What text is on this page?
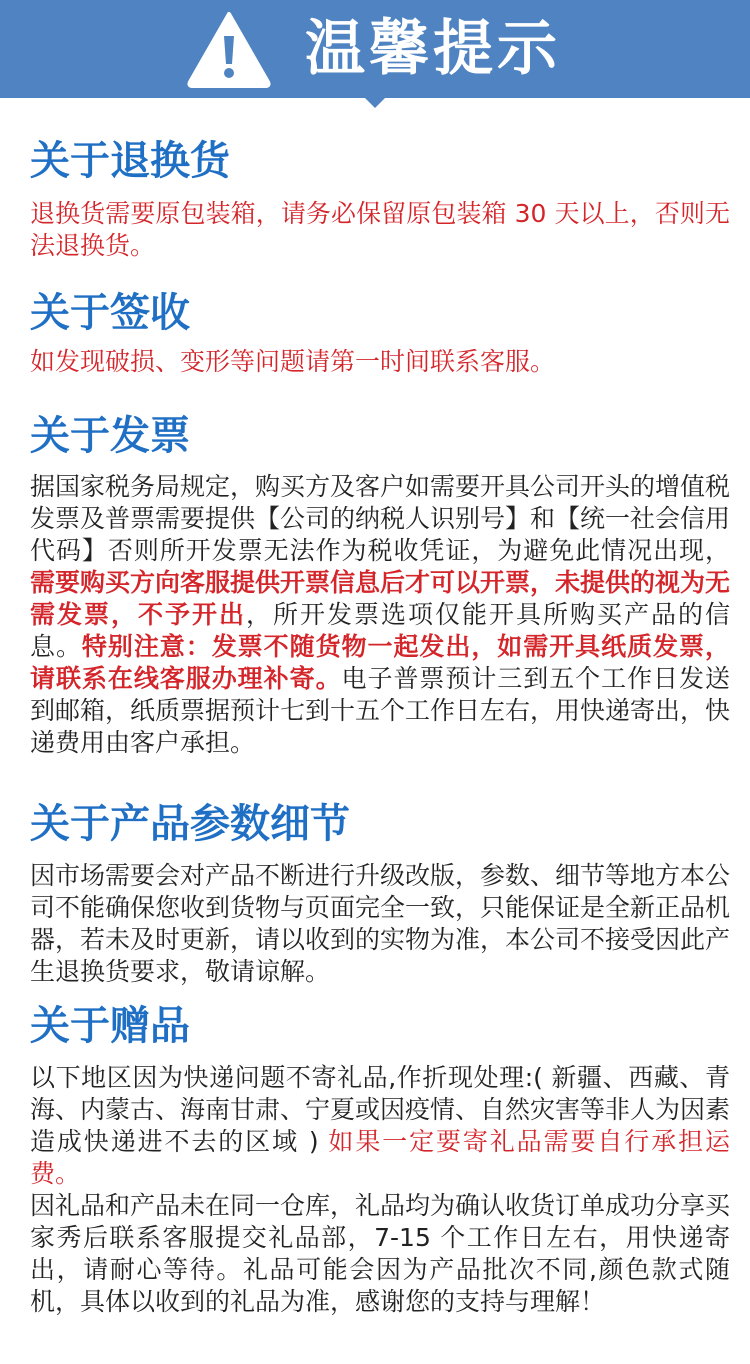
温馨提示
关于退换货
退换货需要原包装箱，请务必保留原包装箱 30 天以上，否则无法退换货。
关于签收
如发现破损、变形等问题请第一时间联系客服。
关于发票
据国家税务局规定，购买方及客户如需要开具公司开头的增值税发票及普票需要提供【公司的纳税人识别号】和【统一社会信用代码】否则所开发票无法作为税收凭证，为避免此情况出现，需要购买方向客服提供开票信息后才可以开票，未提供的视为无需发票，不予开出，所开发票选项仅能开具所购买产品的信息。特别注意：发票不随货物一起发出，如需开具纸质发票，请联系在线客服办理补寄。电子普票预计三到五个工作日发送到邮箱，纸质票据预计七到十五个工作日左右，用快递寄出，快递费用由客户承担。
关于产品参数细节
因市场需要会对产品不断进行升级改版，参数、细节等地方本公司不能确保您收到货物与页面完全一致，只能保证是全新正品机器，若未及时更新，请以收到的实物为准，本公司不接受因此产生退换货要求，敬请谅解。
关于赠品
以下地区因为快递问题不寄礼品,作折现处理:( 新疆、西藏、青海、内蒙古、海南甘肃、宁夏或因疫情、自然灾害等非人为因素造成快递进不去的区域 ) 如果一定要寄礼品需要自行承担运费。
因礼品和产品未在同一仓库，礼品均为确认收货订单成功分享买家秀后联系客服提交礼品部，7-15 个工作日左右，用快递寄出，请耐心等待。礼品可能会因为产品批次不同,颜色款式随机，具体以收到的礼品为准，感谢您的支持与理解！
